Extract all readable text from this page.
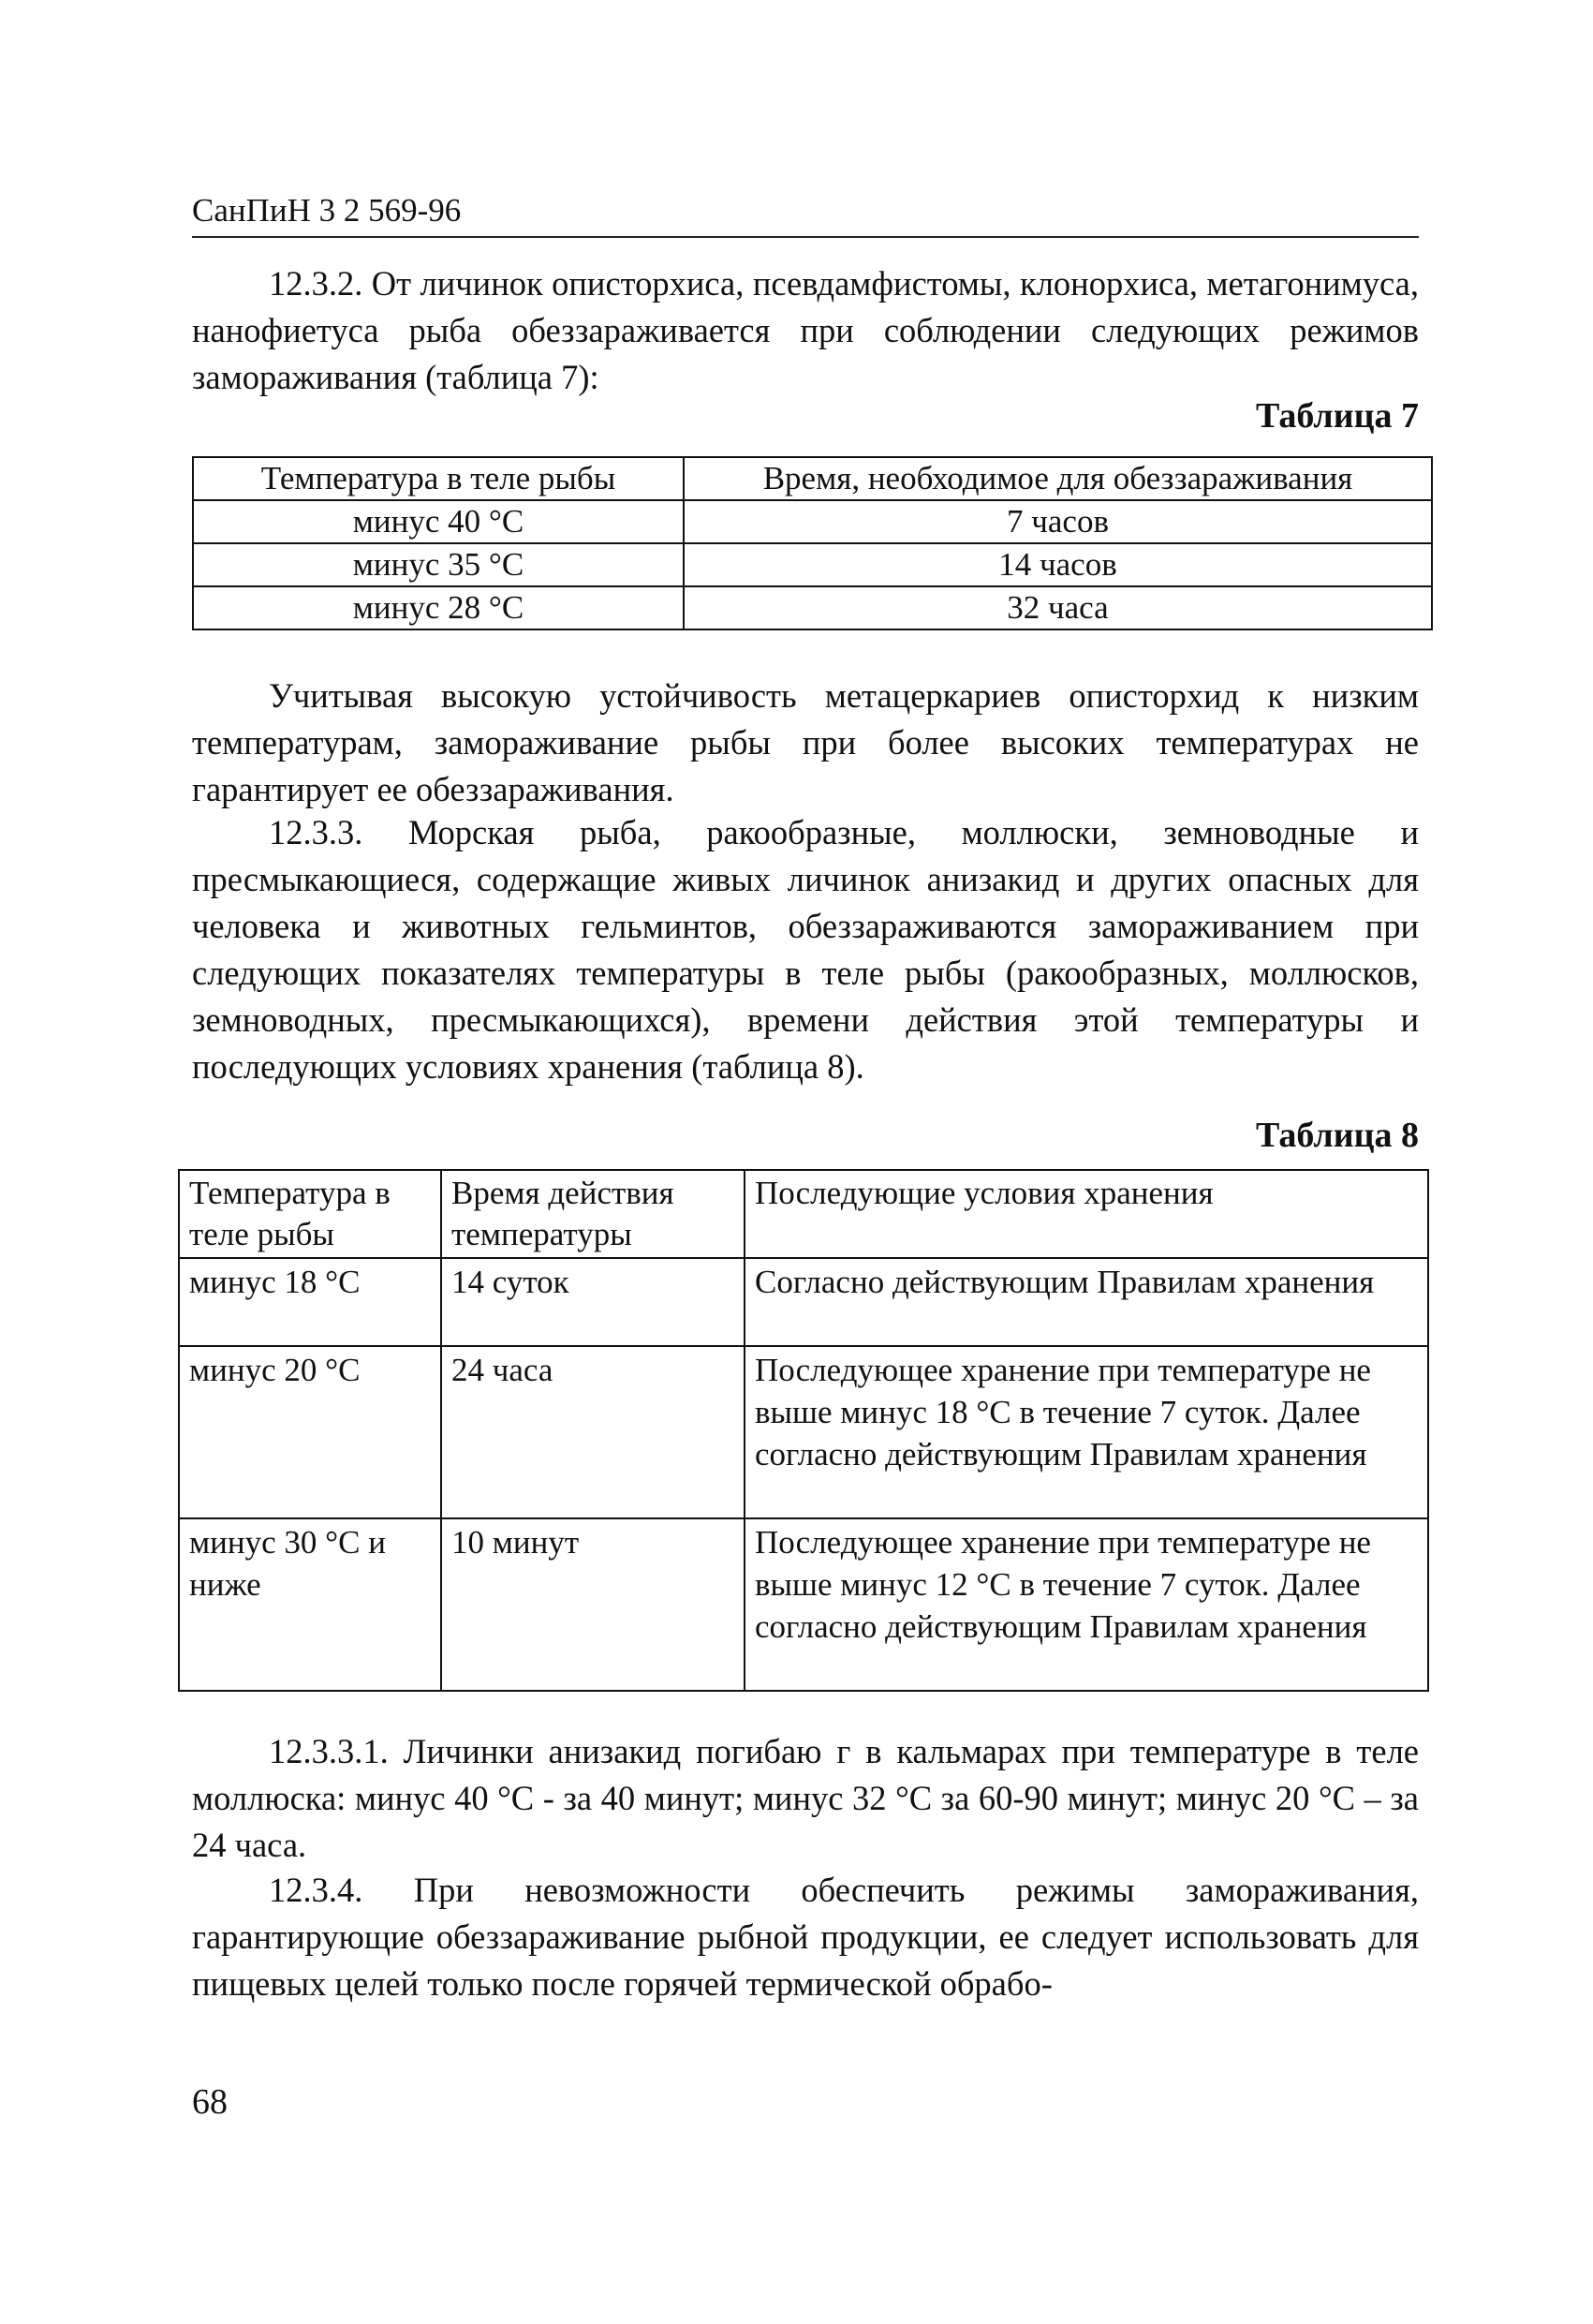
СанПиН 3 2 569-96

12.3.2. От личинок описторхиса, псевдамфистомы, клонорхиса, метагонимуса, нанофиетуса рыба обеззараживается при соблюдении следующих режимов замораживания (таблица 7):

Таблица 7
Температура в теле рыбы	Время, необходимое для обеззараживания
минус 40 °С	7 часов
минус 35 °С	14 часов
минус 28 °С	32 часа

Учитывая высокую устойчивость метацеркариев описторхид к низким температурам, замораживание рыбы при более высоких температурах не гарантирует ее обеззараживания.

12.3.3. Морская рыба, ракообразные, моллюски, земноводные и пресмыкающиеся, содержащие живых личинок анизакид и других опасных для человека и животных гельминтов, обеззараживаются замораживанием при следующих показателях температуры в теле рыбы (ракообразных, моллюсков, земноводных, пресмыкающихся), времени действия этой температуры и последующих условиях хранения (таблица 8).

Таблица 8
Температура в теле рыбы	Время действия температуры	Последующие условия хранения
минус 18 °С	14 суток	Согласно действующим Правилам хранения
минус 20 °С	24 часа	Последующее хранение при температуре не выше минус 18 °С в течение 7 суток. Далее согласно действующим Правилам хранения
минус 30 °С и ниже	10 минут	Последующее хранение при температуре не выше минус 12 °С в течение 7 суток. Далее согласно действующим Правилам хранения

12.3.3.1. Личинки анизакид погибаю г в кальмарах при температуре в теле моллюска: минус 40 °С - за 40 минут; минус 32 °С за 60-90 минут; минус 20 °С – за 24 часа.

12.3.4. При невозможности обеспечить режимы замораживания, гарантирующие обеззараживание рыбной продукции, ее следует использовать для пищевых целей только после горячей термической обрабо-

68
